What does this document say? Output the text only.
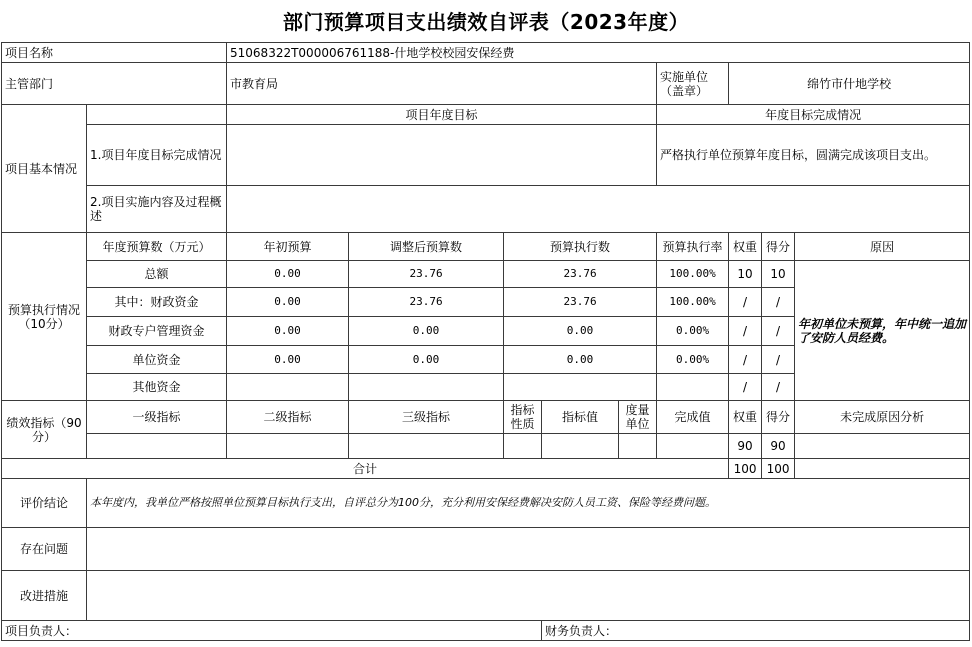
部门预算项目支出绩效自评表（2023年度）
项目名称		51068322T000006761188-什地学校校园安保经费								
主管部门		市教育局					实施单位
（盖章）	绵竹市什地学校		
项目基本情况		项目年度目标					年度目标完成情况			
	1.项目年度目标完成情况						严格执行单位预算年度目标，圆满完成该项目支出。			
	2.项目实施内容及过程概述									
预算执行情况（10分）	年度预算数（万元）	年初预算	调整后预算数	预算执行数			预算执行率	权重	得分	原因
	总额	0.00	23.76	23.76			100.00%	10	10	年初单位未预算，年中统一追加了安防人员经费。
	其中：财政资金	0.00	23.76	23.76			100.00%	/	/	
	财政专户管理资金	0.00	0.00	0.00			0.00%	/	/	
	单位资金	0.00	0.00	0.00			0.00%	/	/	
	其他资金							/	/	
绩效指标（90分）	一级指标	二级指标	三级指标	指标性质	指标值	度量单位	完成值	权重	得分	未完成原因分析
								90	90	
合计								100	100	
评价结论	本年度内，我单位严格按照单位预算目标执行支出，自评总分为100分，充分利用安保经费解决安防人员工资、保险等经费问题。									
存在问题										
改进措施										
项目负责人：					财务负责人：					
